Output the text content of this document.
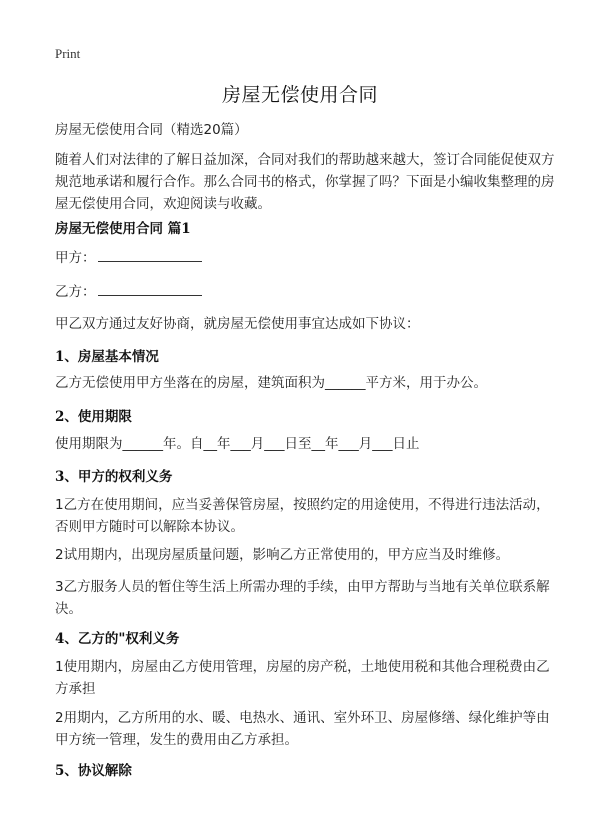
Print
房屋无偿使用合同

房屋无偿使用合同（精选20篇）

随着人们对法律的了解日益加深，合同对我们的帮助越来越大，签订合同能促使双方规范地承诺和履行合作。那么合同书的格式，你掌握了吗？下面是小编收集整理的房屋无偿使用合同，欢迎阅读与收藏。

房屋无偿使用合同 篇1
甲方：
乙方：

甲乙双方通过友好协商，就房屋无偿使用事宜达成如下协议：

1、房屋基本情况

乙方无偿使用甲方坐落在的房屋，建筑面积为______平方米，用于办公。

2、使用期限

使用期限为______年。自__年___月___日至__年___月___日止

3、甲方的权利义务

1乙方在使用期间，应当妥善保管房屋，按照约定的用途使用，不得进行违法活动，否则甲方随时可以解除本协议。

2试用期内，出现房屋质量问题，影响乙方正常使用的，甲方应当及时维修。

3乙方服务人员的暂住等生活上所需办理的手续，由甲方帮助与当地有关单位联系解决。

4、乙方的"权利义务

1使用期内，房屋由乙方使用管理，房屋的房产税，土地使用税和其他合理税费由乙方承担

2用期内，乙方所用的水、暖、电热水、通讯、室外环卫、房屋修缮、绿化维护等由甲方统一管理，发生的费用由乙方承担。

5、协议解除
